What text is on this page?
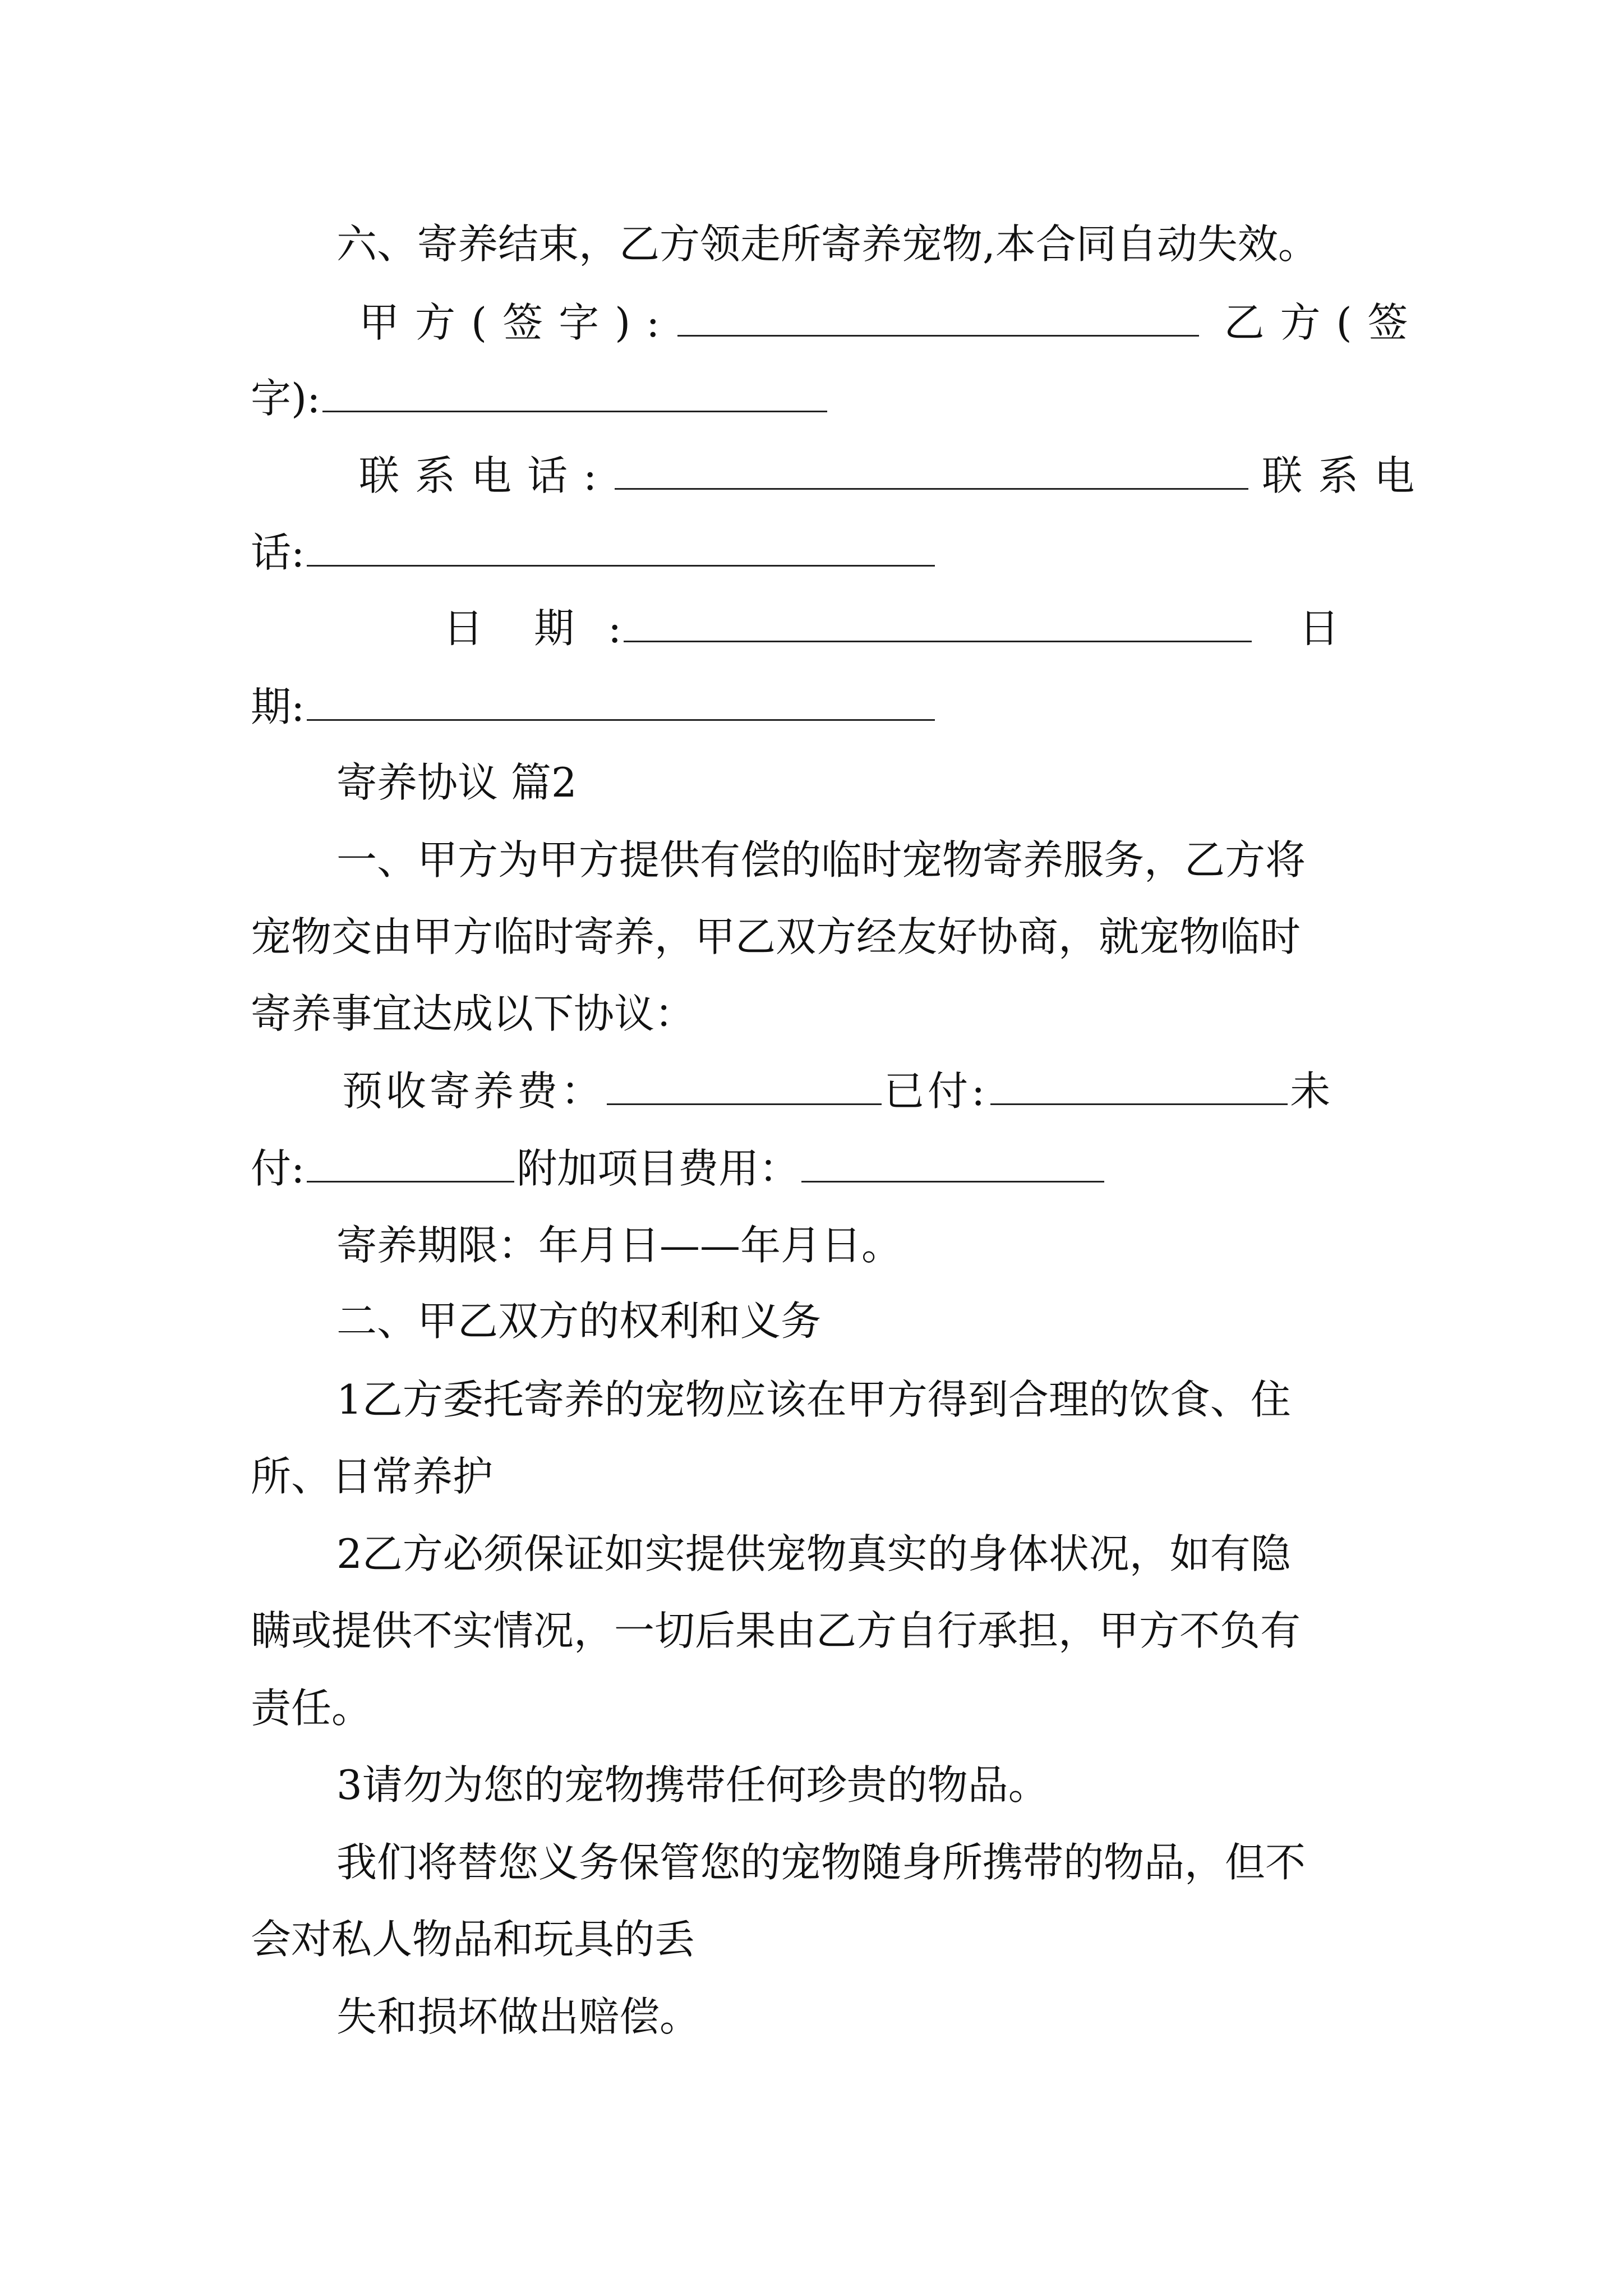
六、寄养结束，乙方领走所寄养宠物,本合同自动失效。
甲方(签字):	乙方(签
字):
联系电话:	联系电
话:
日 期 :	日
期:
寄养协议 篇2
一、甲方为甲方提供有偿的临时宠物寄养服务，乙方将
宠物交由甲方临时寄养，甲乙双方经友好协商，就宠物临时
寄养事宜达成以下协议：
预收寄养费：	已付:	未
付:	附加项目费用：
寄养期限：年月日——年月日。
二、甲乙双方的权利和义务
1乙方委托寄养的宠物应该在甲方得到合理的饮食、住
所、日常养护
2乙方必须保证如实提供宠物真实的身体状况，如有隐
瞒或提供不实情况，一切后果由乙方自行承担，甲方不负有
责任。
3请勿为您的宠物携带任何珍贵的物品。
我们将替您义务保管您的宠物随身所携带的物品，但不
会对私人物品和玩具的丢
失和损坏做出赔偿。
